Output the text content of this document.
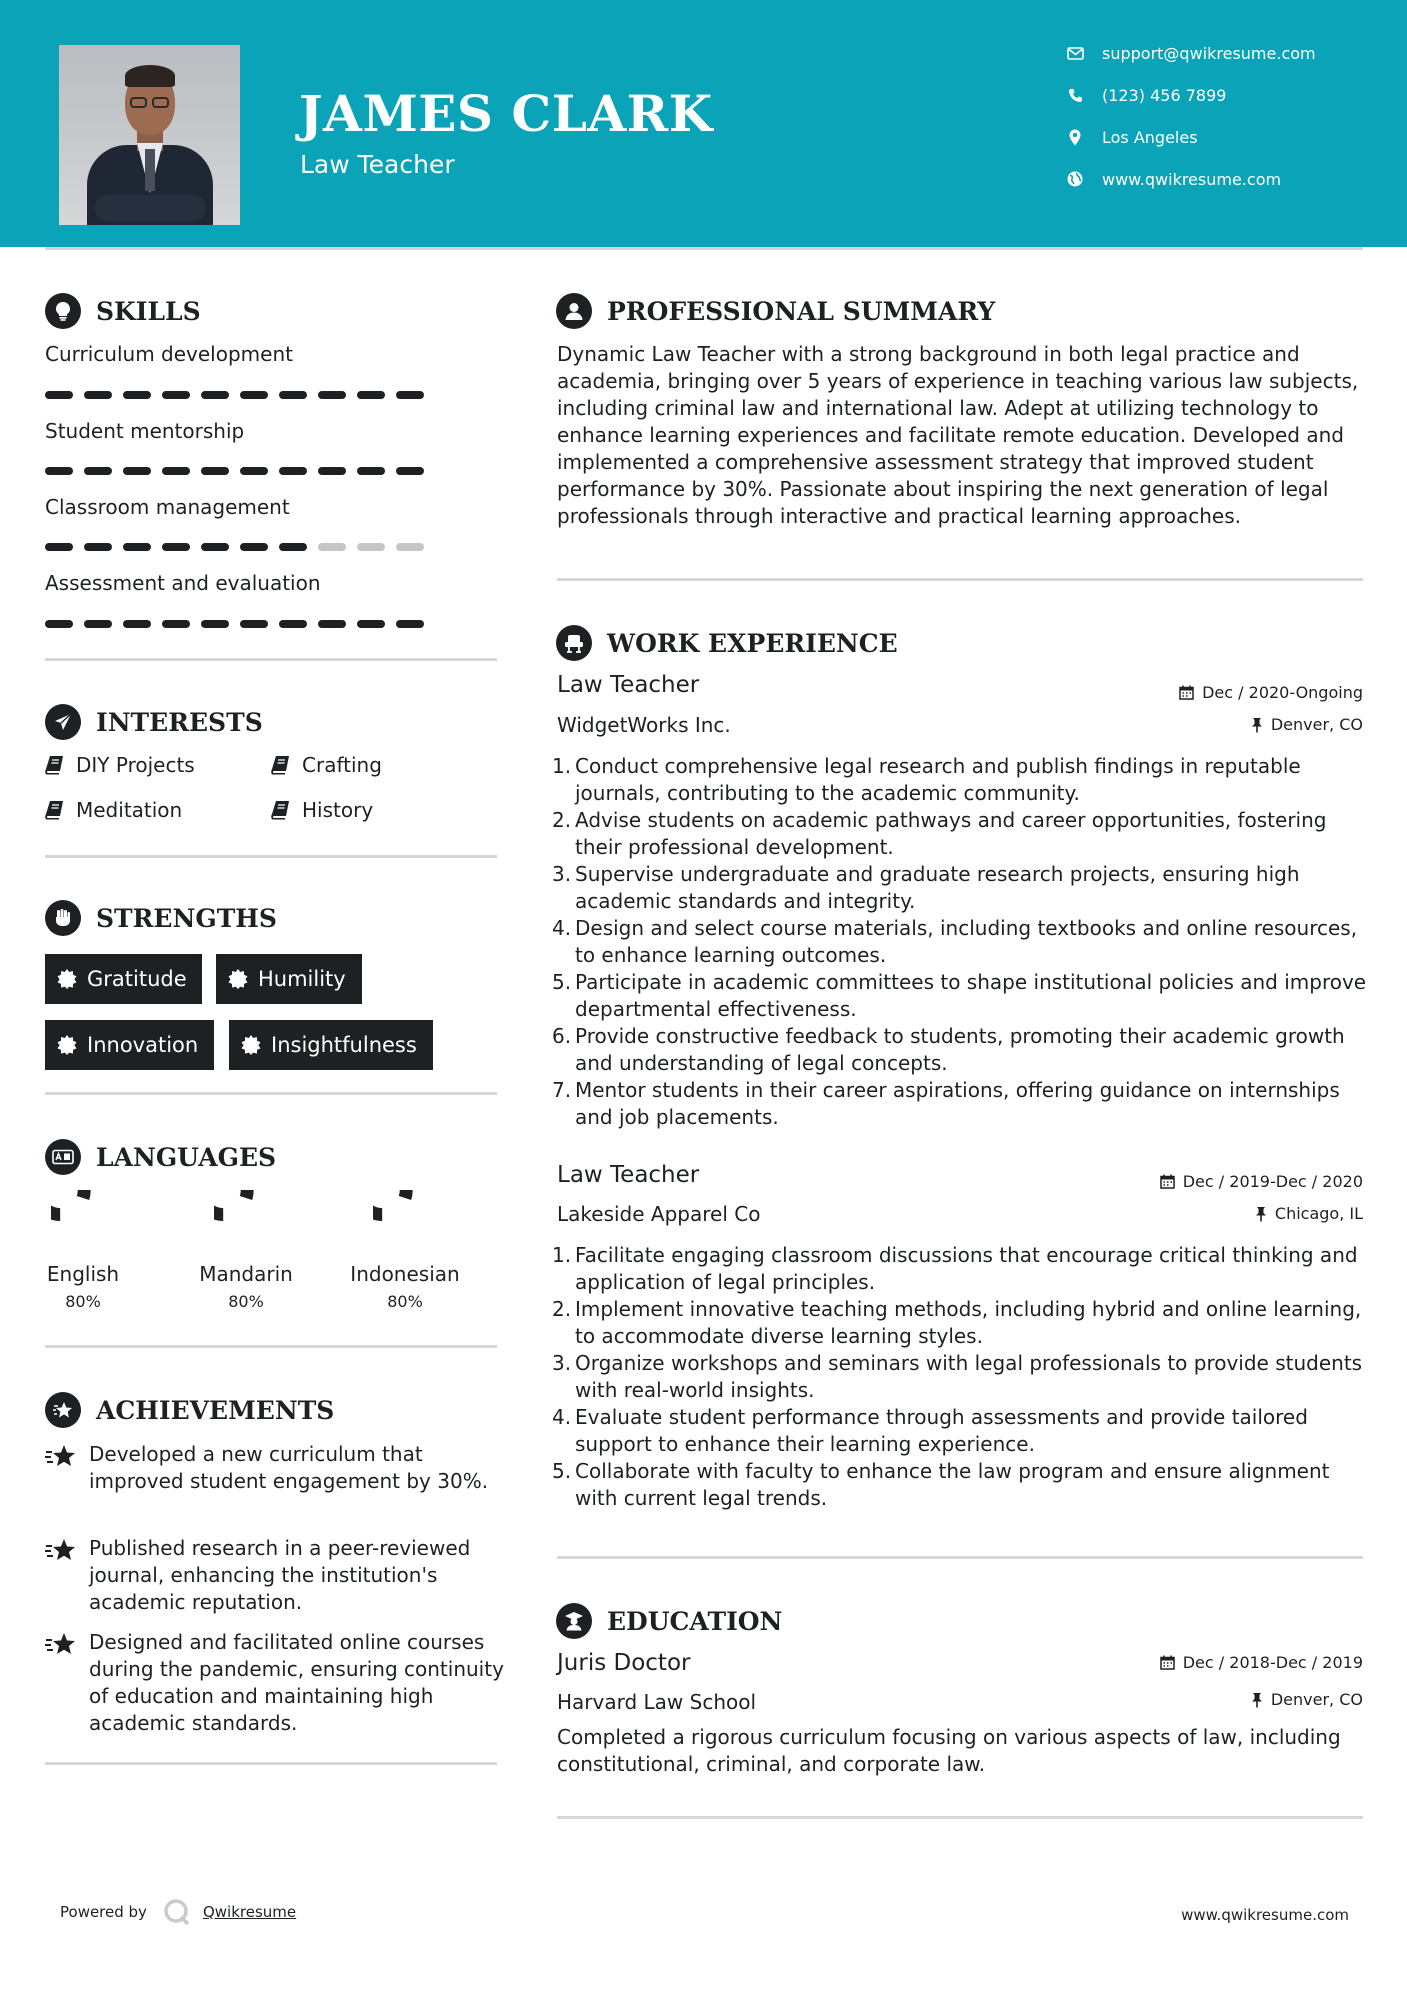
JAMES CLARK
Law Teacher
support@qwikresume.com
(123) 456 7899
Los Angeles
www.qwikresume.com
SKILLS
Curriculum development
Student mentorship
Classroom management
Assessment and evaluation
INTERESTS
DIY Projects	Crafting
Meditation	History
STRENGTHS
Gratitude	Humility
Innovation	Insightfulness
LANGUAGES
English
80%
Mandarin
80%
Indonesian
80%
ACHIEVEMENTS
Developed a new curriculum that improved student engagement by 30%.
Published research in a peer-reviewed journal, enhancing the institution's academic reputation.
Designed and facilitated online courses during the pandemic, ensuring continuity of education and maintaining high academic standards.
PROFESSIONAL SUMMARY
Dynamic Law Teacher with a strong background in both legal practice and academia, bringing over 5 years of experience in teaching various law subjects, including criminal law and international law. Adept at utilizing technology to enhance learning experiences and facilitate remote education. Developed and implemented a comprehensive assessment strategy that improved student performance by 30%. Passionate about inspiring the next generation of legal professionals through interactive and practical learning approaches.
WORK EXPERIENCE
Law Teacher	Dec / 2020-Ongoing
WidgetWorks Inc.	Denver, CO
1. Conduct comprehensive legal research and publish findings in reputable journals, contributing to the academic community.
2. Advise students on academic pathways and career opportunities, fostering their professional development.
3. Supervise undergraduate and graduate research projects, ensuring high academic standards and integrity.
4. Design and select course materials, including textbooks and online resources, to enhance learning outcomes.
5. Participate in academic committees to shape institutional policies and improve departmental effectiveness.
6. Provide constructive feedback to students, promoting their academic growth and understanding of legal concepts.
7. Mentor students in their career aspirations, offering guidance on internships and job placements.
Law Teacher	Dec / 2019-Dec / 2020
Lakeside Apparel Co	Chicago, IL
1. Facilitate engaging classroom discussions that encourage critical thinking and application of legal principles.
2. Implement innovative teaching methods, including hybrid and online learning, to accommodate diverse learning styles.
3. Organize workshops and seminars with legal professionals to provide students with real-world insights.
4. Evaluate student performance through assessments and provide tailored support to enhance their learning experience.
5. Collaborate with faculty to enhance the law program and ensure alignment with current legal trends.
EDUCATION
Juris Doctor	Dec / 2018-Dec / 2019
Harvard Law School	Denver, CO
Completed a rigorous curriculum focusing on various aspects of law, including constitutional, criminal, and corporate law.
Powered by	Qwikresume	www.qwikresume.com
